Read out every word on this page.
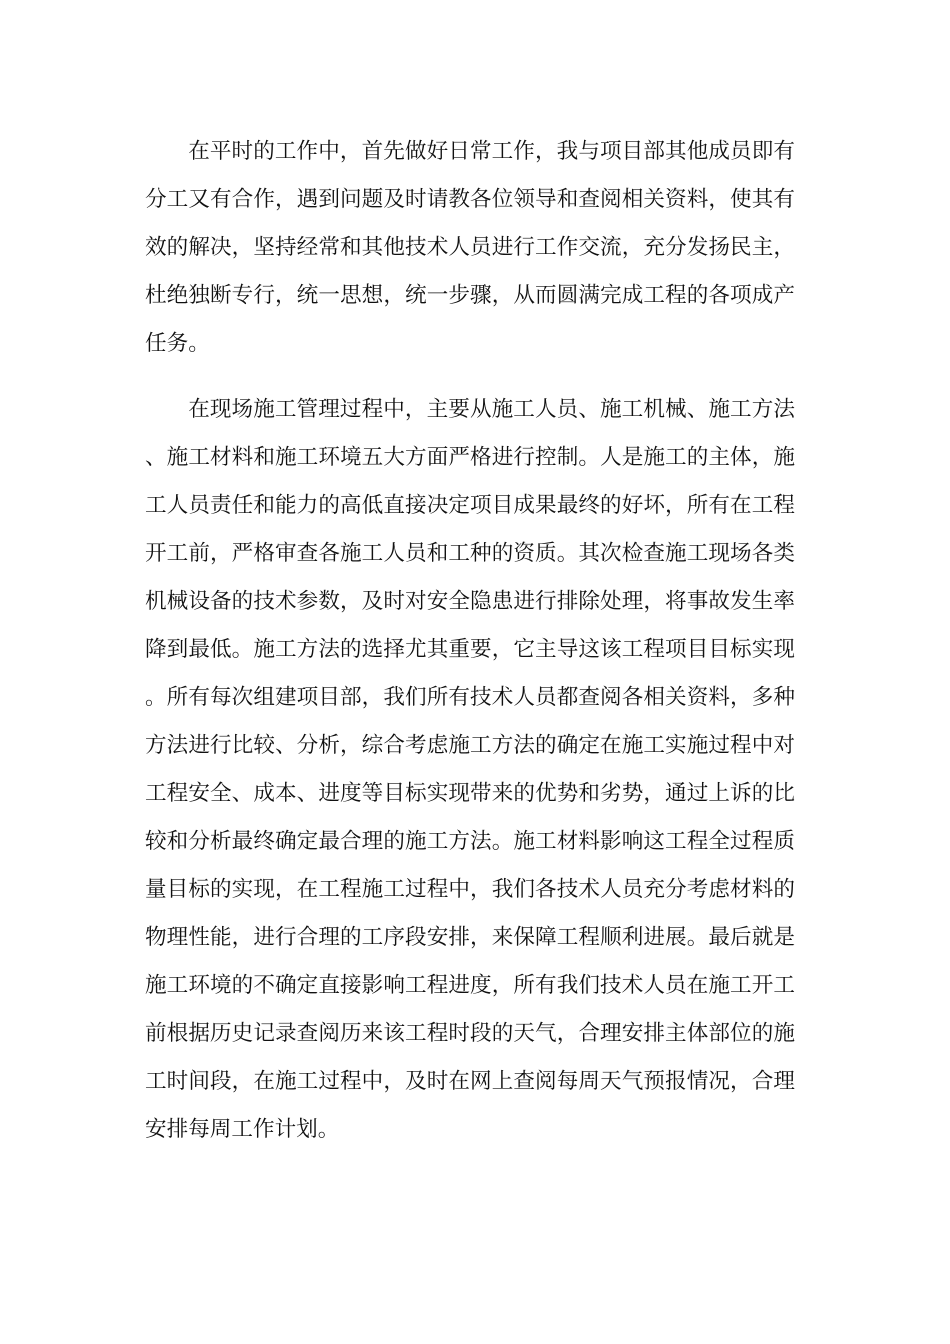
在平时的工作中，首先做好日常工作，我与项目部其他成员即有分工又有合作，遇到问题及时请教各位领导和查阅相关资料，使其有效的解决，坚持经常和其他技术人员进行工作交流，充分发扬民主，杜绝独断专行，统一思想，统一步骤，从而圆满完成工程的各项成产任务。

在现场施工管理过程中，主要从施工人员、施工机械、施工方法、施工材料和施工环境五大方面严格进行控制。人是施工的主体，施工人员责任和能力的高低直接决定项目成果最终的好坏，所有在工程开工前，严格审查各施工人员和工种的资质。其次检查施工现场各类机械设备的技术参数，及时对安全隐患进行排除处理，将事故发生率降到最低。施工方法的选择尤其重要，它主导这该工程项目目标实现。所有每次组建项目部，我们所有技术人员都查阅各相关资料，多种方法进行比较、分析，综合考虑施工方法的确定在施工实施过程中对工程安全、成本、进度等目标实现带来的优势和劣势，通过上诉的比较和分析最终确定最合理的施工方法。施工材料影响这工程全过程质量目标的实现，在工程施工过程中，我们各技术人员充分考虑材料的物理性能，进行合理的工序段安排，来保障工程顺利进展。最后就是施工环境的不确定直接影响工程进度，所有我们技术人员在施工开工前根据历史记录查阅历来该工程时段的天气，合理安排主体部位的施工时间段，在施工过程中，及时在网上查阅每周天气预报情况，合理安排每周工作计划。
